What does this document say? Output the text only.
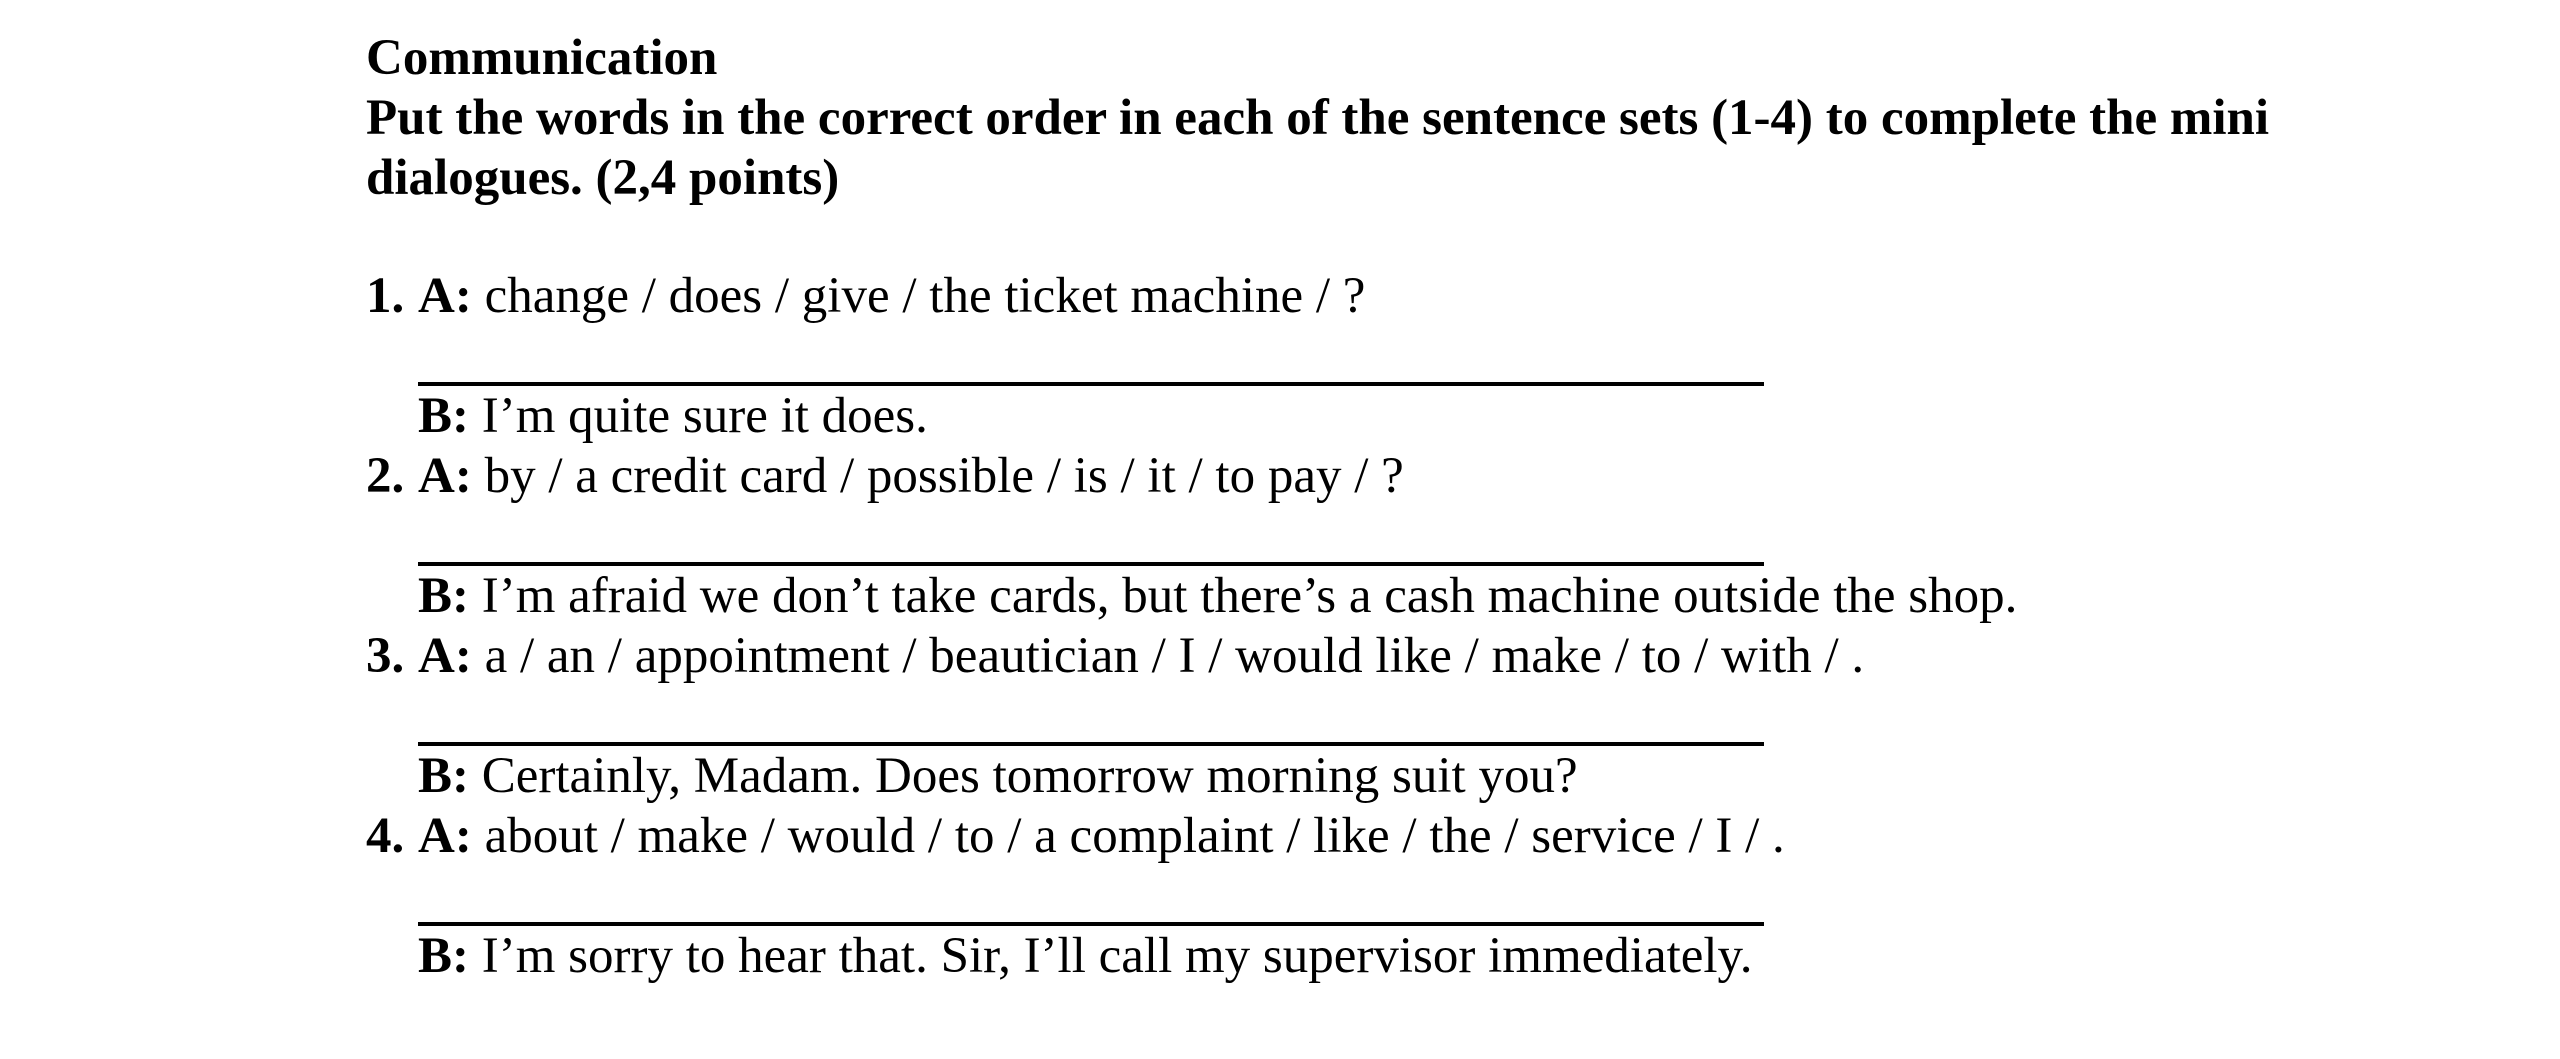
Communication

Put the words in the correct order in each of the sentence sets (1-4) to complete the mini dialogues. (2,4 points)

1. A: change / does / give / the ticket machine / ?
B: I’m quite sure it does.
2. A: by / a credit card / possible / is / it / to pay / ?
B: I’m afraid we don’t take cards, but there’s a cash machine outside the shop.
3. A: a / an / appointment / beautician / I / would like / make / to / with / .
B: Certainly, Madam. Does tomorrow morning suit you?
4. A: about / make / would / to / a complaint / like / the / service / I / .
B: I’m sorry to hear that. Sir, I’ll call my supervisor immediately.
